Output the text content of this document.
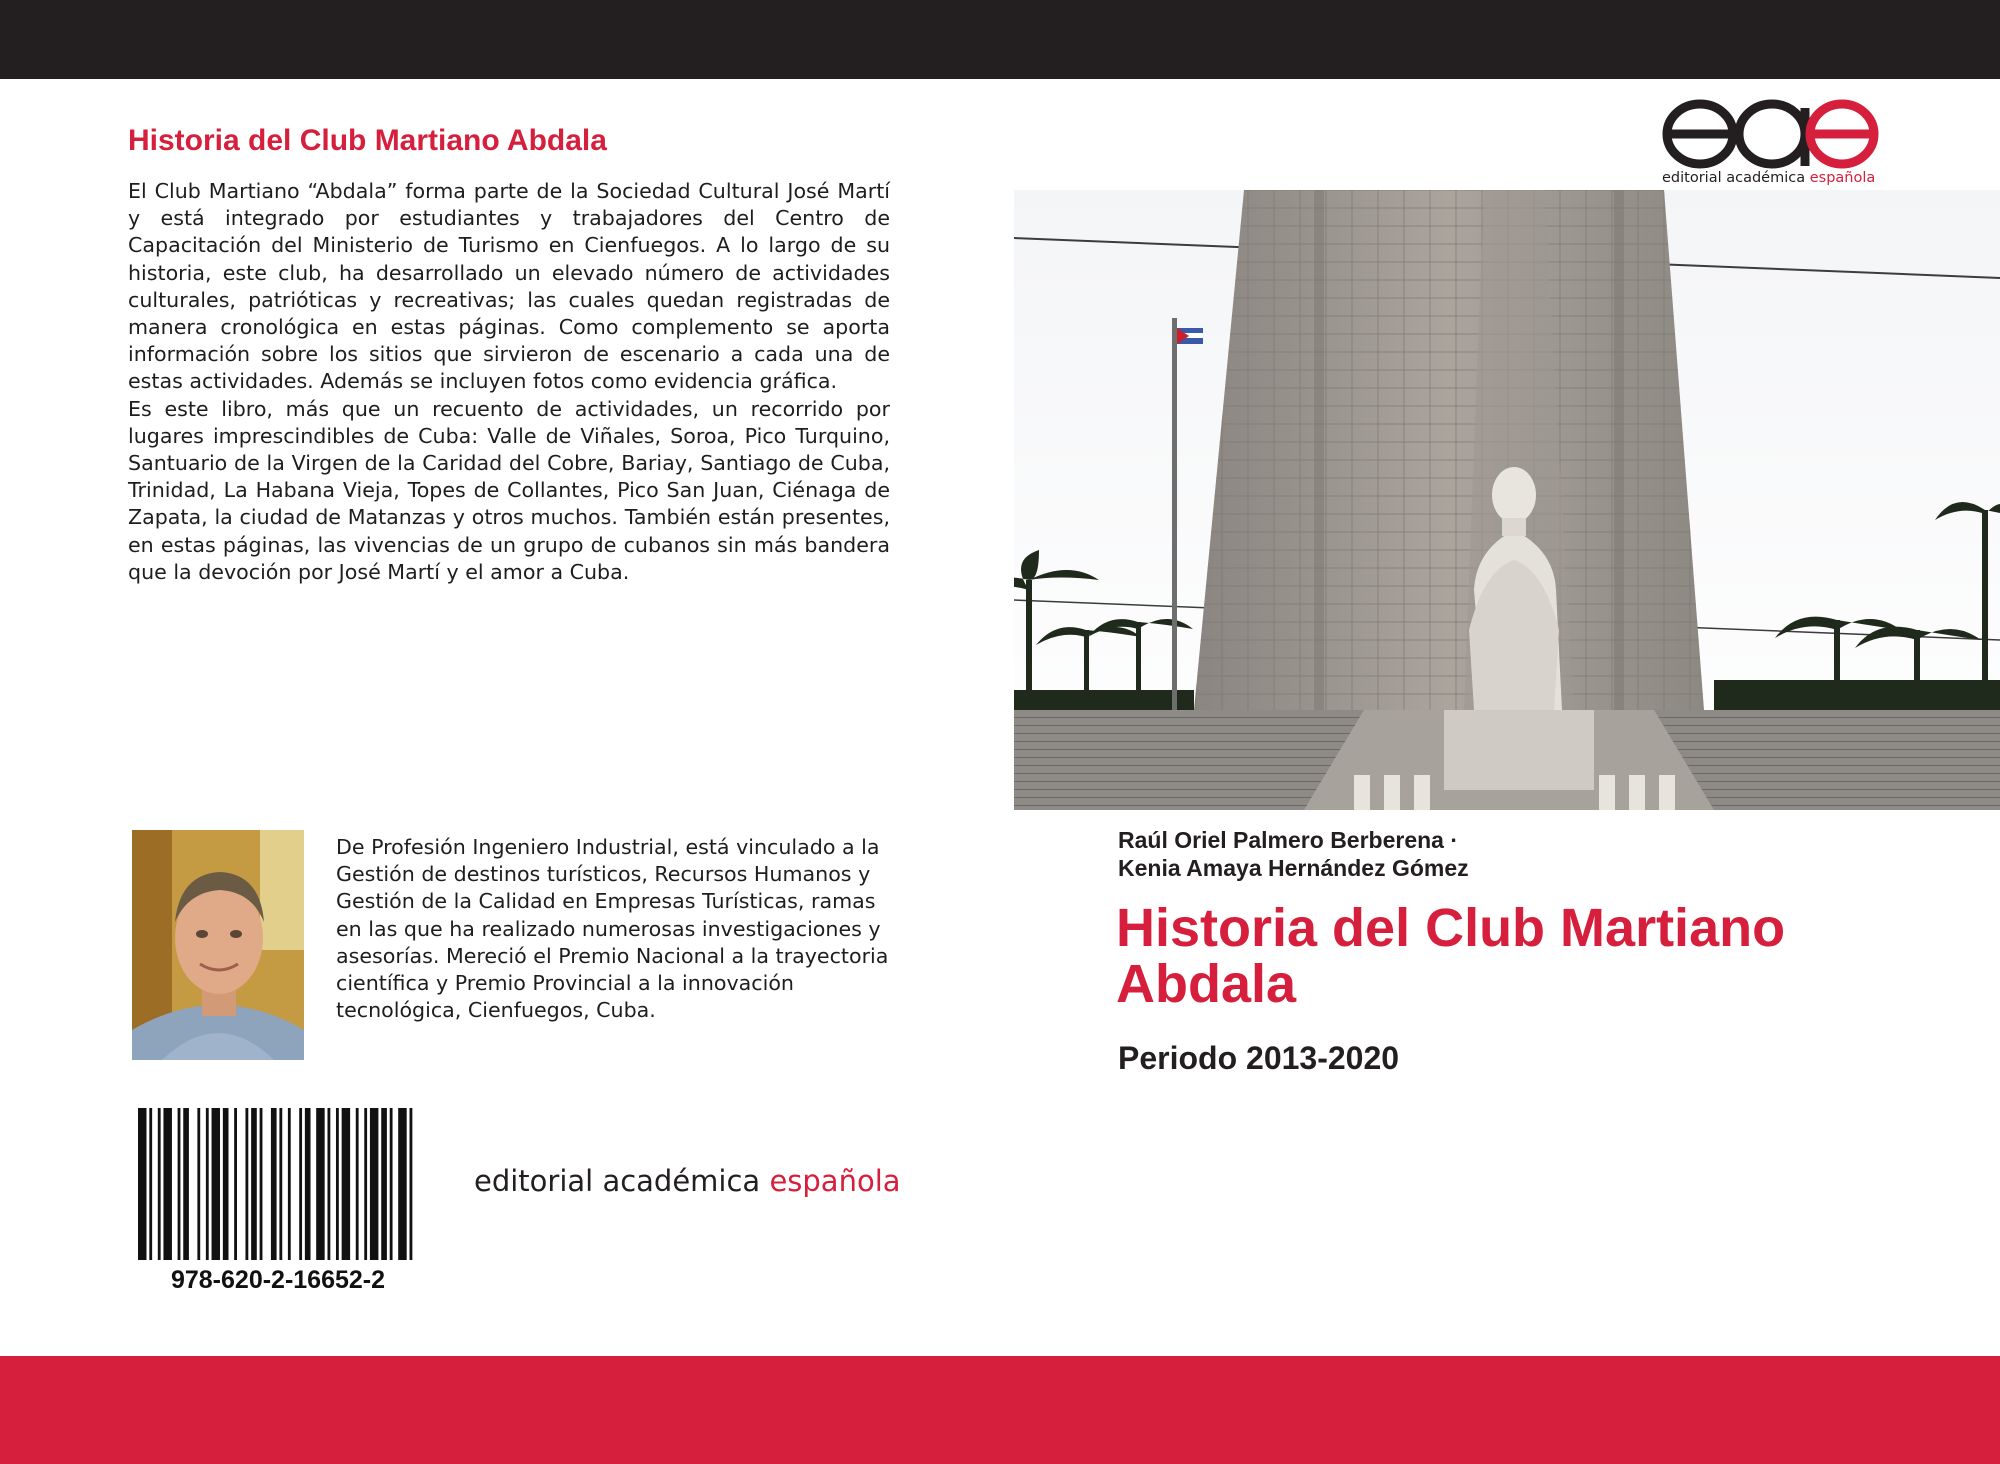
Historia del Club Martiano Abdala

El Club Martiano “Abdala” forma parte de la Sociedad Cultural José Martí y está integrado por estudiantes y trabajadores del Centro de Capacitación del Ministerio de Turismo en Cienfuegos. A lo largo de su historia, este club, ha desarrollado un elevado número de actividades culturales, patrióticas y recreativas; las cuales quedan registradas de manera cronológica en estas páginas. Como complemento se aporta información sobre los sitios que sirvieron de escenario a cada una de estas actividades. Además se incluyen fotos como evidencia gráfica.

Es este libro, más que un recuento de actividades, un recorrido por lugares imprescindibles de Cuba: Valle de Viñales, Soroa, Pico Turquino, Santuario de la Virgen de la Caridad del Cobre, Bariay, Santiago de Cuba, Trinidad, La Habana Vieja, Topes de Collantes, Pico San Juan, Ciénaga de Zapata, la ciudad de Matanzas y otros muchos. También están presentes, en estas páginas, las vivencias de un grupo de cubanos sin más bandera que la devoción por José Martí y el amor a Cuba.

De Profesión Ingeniero Industrial, está vinculado a la Gestión de destinos turísticos, Recursos Humanos y Gestión de la Calidad en Empresas Turísticas, ramas en las que ha realizado numerosas investigaciones y asesorías. Mereció el Premio Nacional a la trayectoria científica y Premio Provincial a la innovación tecnológica, Cienfuegos, Cuba.

978-620-2-16652-2

editorial académica española

editorial académica española

Raúl Oriel Palmero Berberena ·
Kenia Amaya Hernández Gómez
Historia del Club Martiano Abdala

Periodo 2013-2020
